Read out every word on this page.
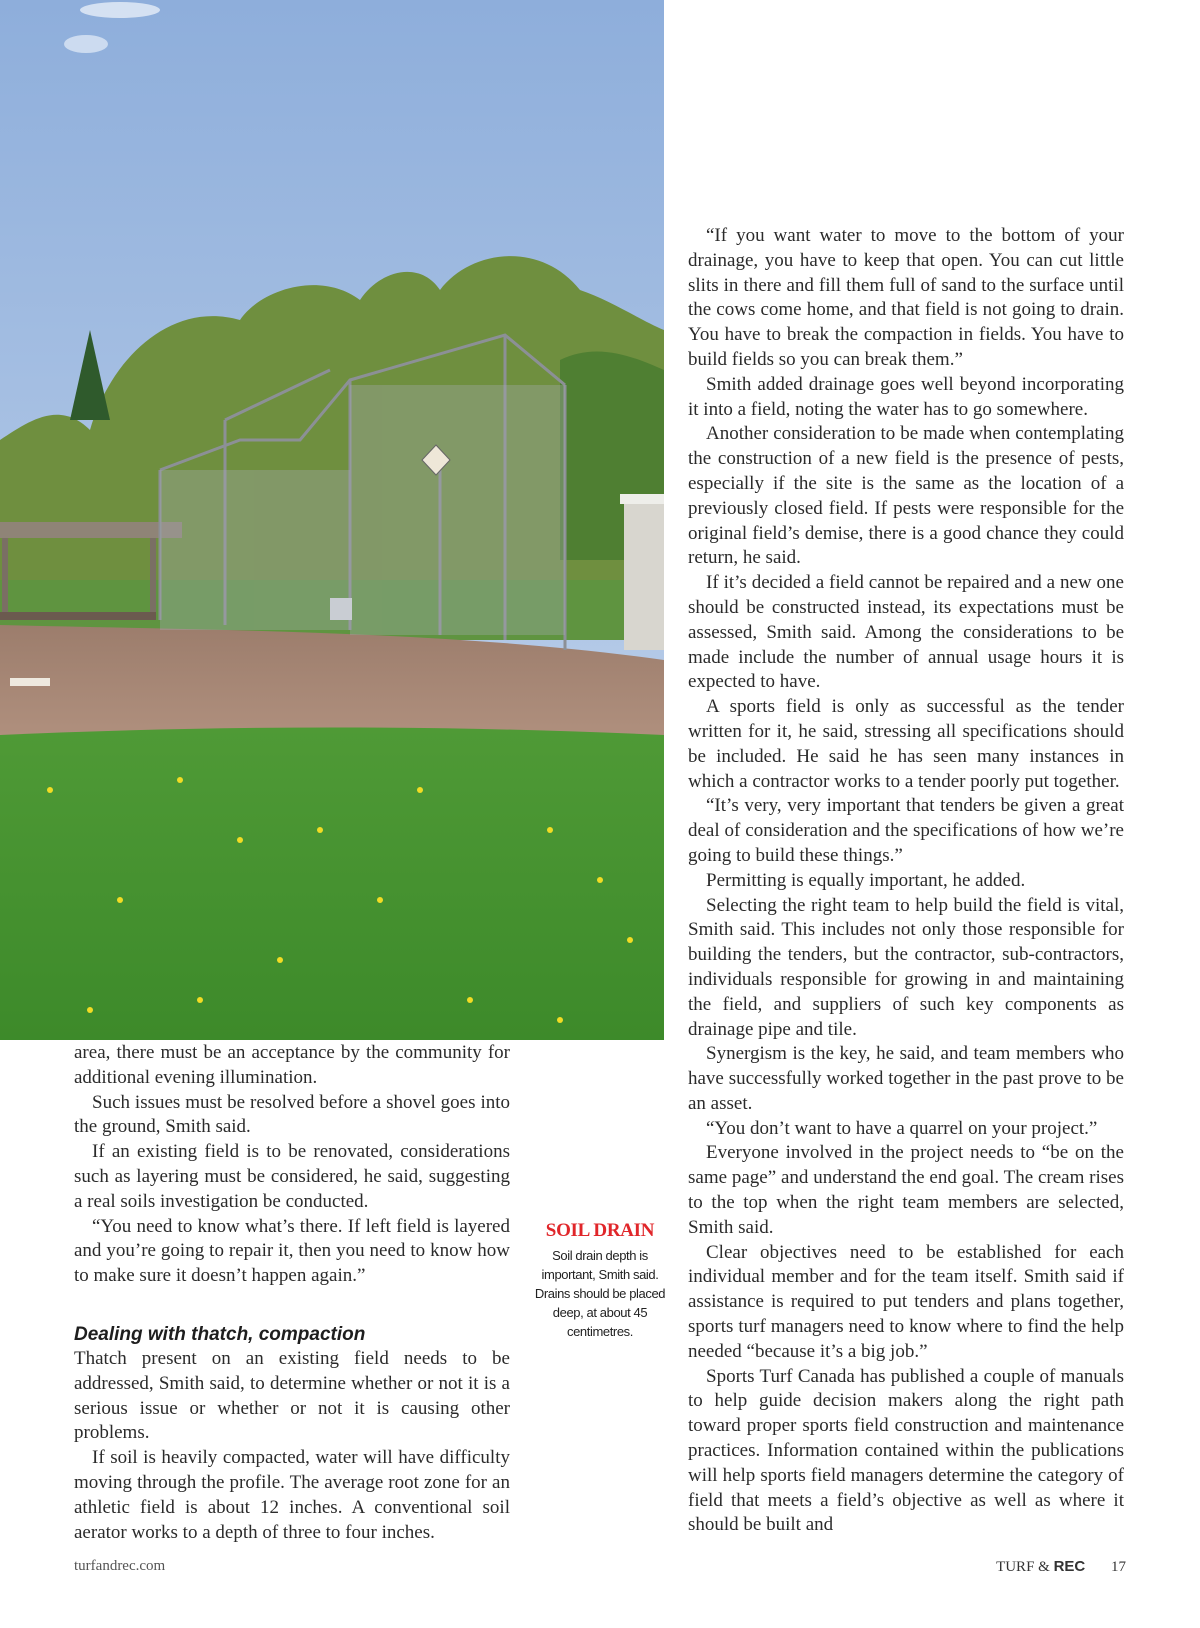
area, there must be an acceptance by the community for additional evening illumination.

Such issues must be resolved before a shovel goes into the ground, Smith said.

If an existing field is to be renovated, considerations such as layering must be considered, he said, suggesting a real soils investigation be conducted.

“You need to know what’s there. If left field is layered and you’re going to repair it, then you need to know how to make sure it doesn’t happen again.”

Dealing with thatch, compaction

Thatch present on an existing field needs to be addressed, Smith said, to determine whether or not it is a serious issue or whether or not it is causing other problems.

If soil is heavily compacted, water will have difficulty moving through the profile. The average root zone for an athletic field is about 12 inches. A conventional soil aerator works to a depth of three to four inches.

SOIL DRAIN
Soil drain depth is important, Smith said. Drains should be placed deep, at about 45 centimetres.

“If you want water to move to the bottom of your drainage, you have to keep that open. You can cut little slits in there and fill them full of sand to the surface until the cows come home, and that field is not going to drain. You have to break the compaction in fields. You have to build fields so you can break them.”

Smith added drainage goes well beyond incorporating it into a field, noting the water has to go somewhere.

Another consideration to be made when contemplating the construction of a new field is the presence of pests, especially if the site is the same as the location of a previously closed field. If pests were responsible for the original field’s demise, there is a good chance they could return, he said.

If it’s decided a field cannot be repaired and a new one should be constructed instead, its expectations must be assessed, Smith said. Among the considerations to be made include the number of annual usage hours it is expected to have.

A sports field is only as successful as the tender written for it, he said, stressing all specifications should be included. He said he has seen many instances in which a contractor works to a tender poorly put together.

“It’s very, very important that tenders be given a great deal of consideration and the specifications of how we’re going to build these things.”

Permitting is equally important, he added.

Selecting the right team to help build the field is vital, Smith said. This includes not only those responsible for building the tenders, but the contractor, sub-contractors, individuals responsible for growing in and maintaining the field, and suppliers of such key components as drainage pipe and tile.

Synergism is the key, he said, and team members who have successfully worked together in the past prove to be an asset.

“You don’t want to have a quarrel on your project.”

Everyone involved in the project needs to “be on the same page” and understand the end goal. The cream rises to the top when the right team members are selected, Smith said.

Clear objectives need to be established for each individual member and for the team itself. Smith said if assistance is required to put tenders and plans together, sports turf managers need to know where to find the help needed “because it’s a big job.”

Sports Turf Canada has published a couple of manuals to help guide decision makers along the right path toward proper sports field construction and maintenance practices. Information contained within the publications will help sports field managers determine the category of field that meets a field’s objective as well as where it should be built and

turfandrec.com	TURF & REC 17
